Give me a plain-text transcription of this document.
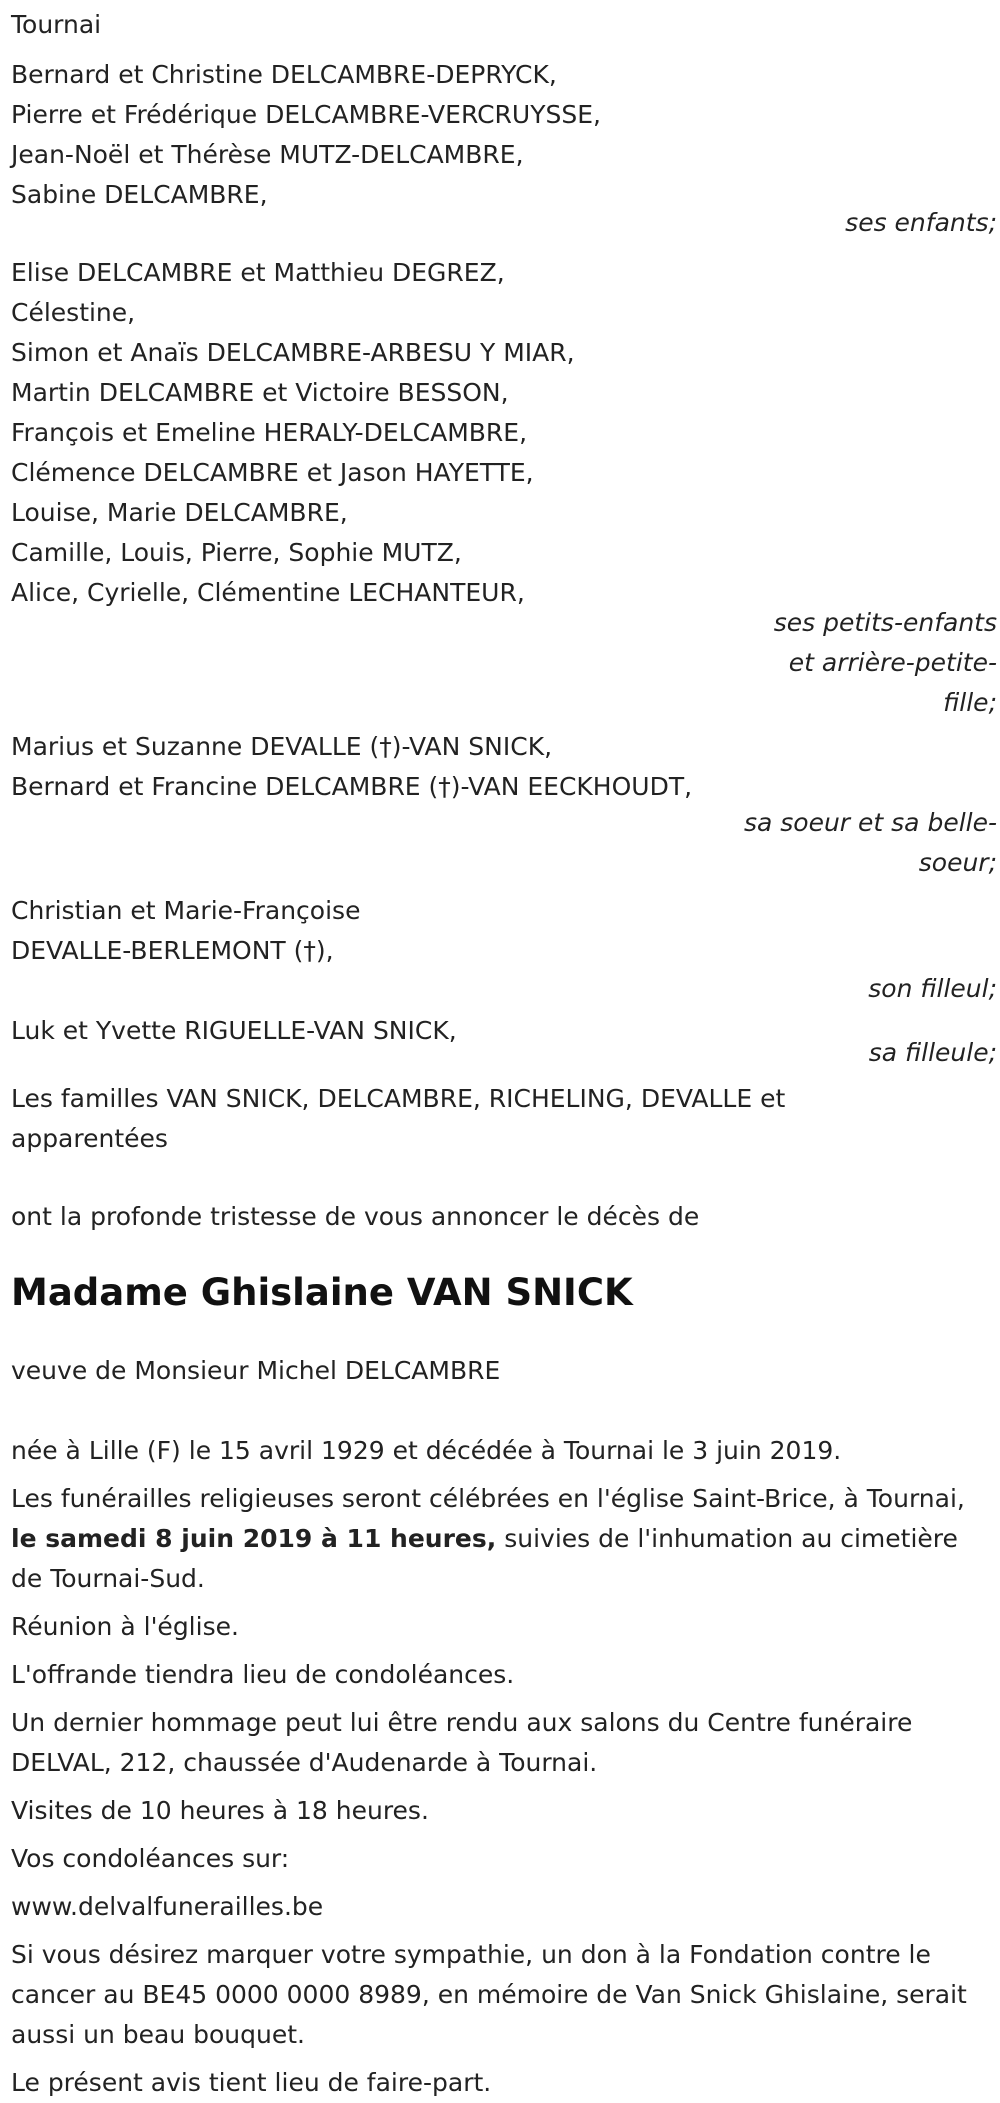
Tournai
Bernard et Christine DELCAMBRE-DEPRYCK,
Pierre et Frédérique DELCAMBRE-VERCRUYSSE,
Jean-Noël et Thérèse MUTZ-DELCAMBRE,
Sabine DELCAMBRE,
ses enfants;
Elise DELCAMBRE et Matthieu DEGREZ,
Célestine,
Simon et Anaïs DELCAMBRE-ARBESU Y MIAR,
Martin DELCAMBRE et Victoire BESSON,
François et Emeline HERALY-DELCAMBRE,
Clémence DELCAMBRE et Jason HAYETTE,
Louise, Marie DELCAMBRE,
Camille, Louis, Pierre, Sophie MUTZ,
Alice, Cyrielle, Clémentine LECHANTEUR,
ses petits-enfants
et arrière-petite-
fille;
Marius et Suzanne DEVALLE (†)-VAN SNICK,
Bernard et Francine DELCAMBRE (†)-VAN EECKHOUDT,
sa soeur et sa belle-
soeur;
Christian et Marie-Françoise
DEVALLE-BERLEMONT (†),
son filleul;
Luk et Yvette RIGUELLE-VAN SNICK,
sa filleule;
Les familles VAN SNICK, DELCAMBRE, RICHELING, DEVALLE et apparentées
ont la profonde tristesse de vous annoncer le décès de
Madame Ghislaine VAN SNICK
veuve de Monsieur Michel DELCAMBRE
née à Lille (F) le 15 avril 1929 et décédée à Tournai le 3 juin 2019.

Les funérailles religieuses seront célébrées en l'église Saint-Brice, à Tournai, le samedi 8 juin 2019 à 11 heures, suivies de l'inhumation au cimetière de Tournai-Sud.

Réunion à l'église.
L'offrande tiendra lieu de condoléances.
Un dernier hommage peut lui être rendu aux salons du Centre funéraire DELVAL, 212, chaussée d'Audenarde à Tournai.
Visites de 10 heures à 18 heures.
Vos condoléances sur:
www.delvalfunerailles.be
Si vous désirez marquer votre sympathie, un don à la Fondation contre le cancer au BE45 0000 0000 8989, en mémoire de Van Snick Ghislaine, serait aussi un beau bouquet.
Le présent avis tient lieu de faire-part.
